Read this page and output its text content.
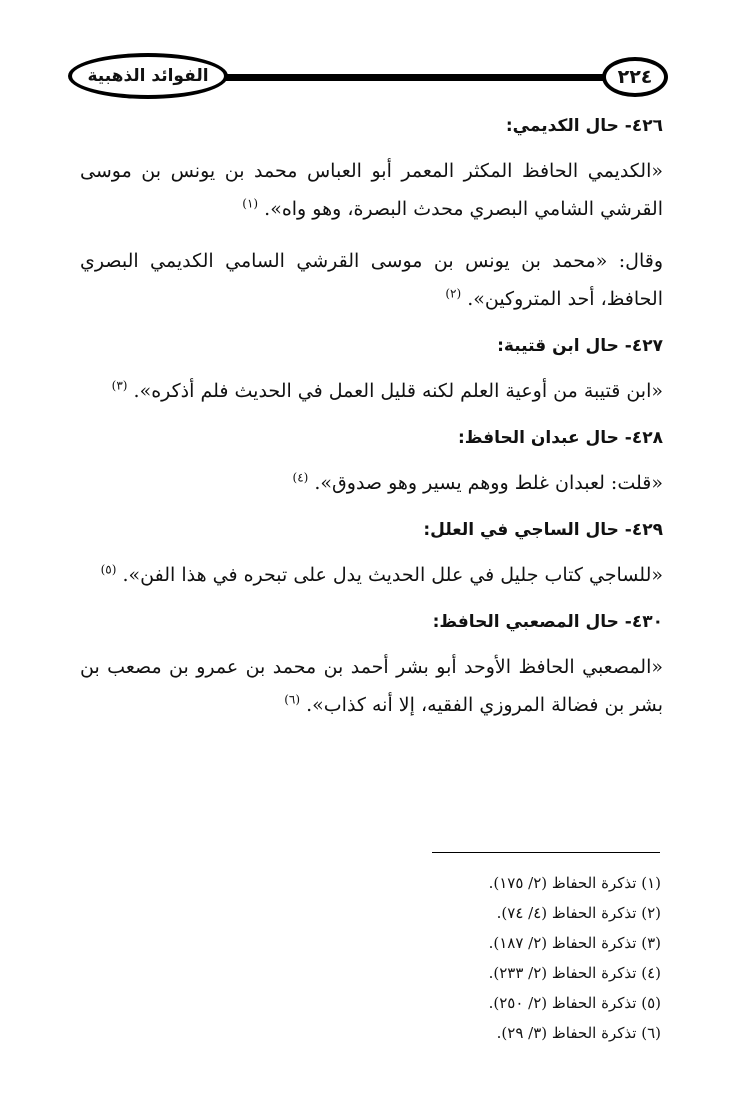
الفوائد الذهبية	٢٢٤
٤٢٦- حال الكديمي:

«الكديمي الحافظ المكثر المعمر أبو العباس محمد بن يونس بن موسى القرشي الشامي البصري محدث البصرة، وهو واه». $^{(١)}$

وقال: «محمد بن يونس بن موسى القرشي السامي الكديمي البصري الحافظ، أحد المتروكين». $^{(٢)}$

٤٢٧- حال ابن قتيبة:

«ابن قتيبة من أوعية العلم لكنه قليل العمل في الحديث فلم أذكره». $^{(٣)}$

٤٢٨- حال عبدان الحافظ:

«قلت: لعبدان غلط ووهم يسير وهو صدوق». $^{(٤)}$

٤٢٩- حال الساجي في العلل:

«للساجي كتاب جليل في علل الحديث يدل على تبحره في هذا الفن». $^{(٥)}$

٤٣٠- حال المصعبي الحافظ:

«المصعبي الحافظ الأوحد أبو بشر أحمد بن محمد بن عمرو بن مصعب بن بشر بن فضالة المروزي الفقيه، إلا أنه كذاب». $^{(٦)}$

(١) تذكرة الحفاظ (٢/ ١٧٥).

(٢) تذكرة الحفاظ (٤/ ٧٤).

(٣) تذكرة الحفاظ (٢/ ١٨٧).

(٤) تذكرة الحفاظ (٢/ ٢٣٣).

(٥) تذكرة الحفاظ (٢/ ٢٥٠).

(٦) تذكرة الحفاظ (٣/ ٢٩).
